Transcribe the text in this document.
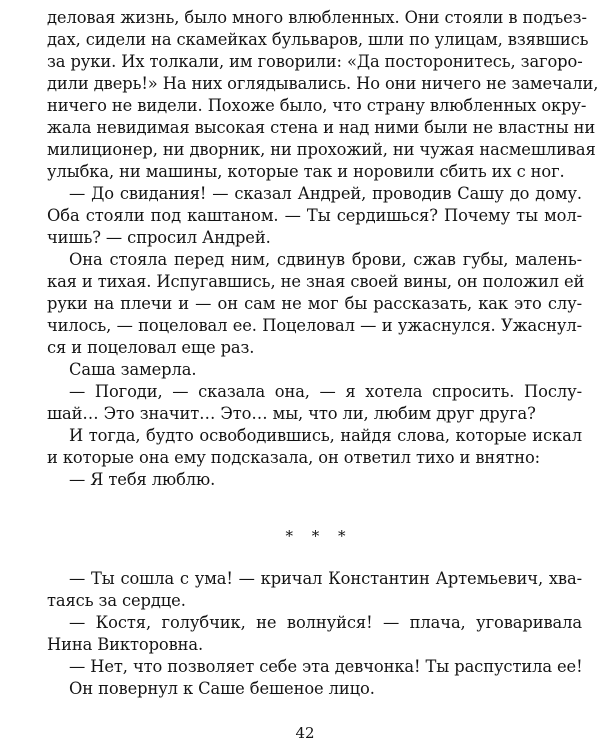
деловая жизнь, было много влюбленных. Они стояли в подъез-
дах, сидели на скамейках бульваров, шли по улицам, взявшись
за руки. Их толкали, им говорили: «Да посторонитесь, загоро-
дили дверь!» На них оглядывались. Но они ничего не замечали,
ничего не видели. Похоже было, что страну влюбленных окру-
жала невидимая высокая стена и над ними были не властны ни
милиционер, ни дворник, ни прохожий, ни чужая насмешливая
улыбка, ни машины, которые так и норовили сбить их с ног.
— До свидания! — сказал Андрей, проводив Сашу до дому.
Оба стояли под каштаном. — Ты сердишься? Почему ты мол-
чишь? — спросил Андрей.
Она стояла перед ним, сдвинув брови, сжав губы, малень-
кая и тихая. Испугавшись, не зная своей вины, он положил ей
руки на плечи и — он сам не мог бы рассказать, как это слу-
чилось, — поцеловал ее. Поцеловал — и ужаснулся. Ужаснул-
ся и поцеловал еще раз.
Саша замерла.
— Погоди, — сказала она, — я хотела спросить. Послу-
шай… Это значит… Это… мы, что ли, любим друг друга?
И тогда, будто освободившись, найдя слова, которые искал
и которые она ему подсказала, он ответил тихо и внятно:
— Я тебя люблю.
* * *
— Ты сошла с ума! — кричал Константин Артемьевич, хва-
таясь за сердце.
— Костя, голубчик, не волнуйся! — плача, уговаривала
Нина Викторовна.
— Нет, что позволяет себе эта девчонка! Ты распустила ее!
Он повернул к Саше бешеное лицо.
42
